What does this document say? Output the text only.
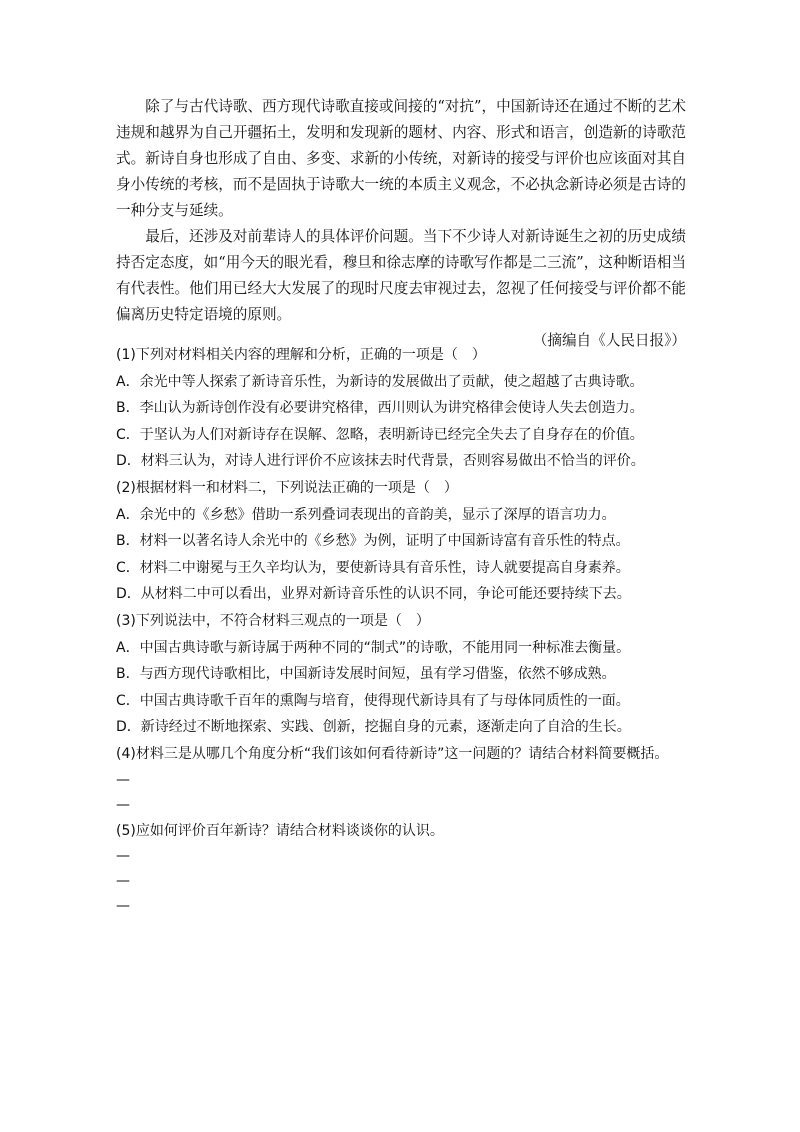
除了与古代诗歌、西方现代诗歌直接或间接的“对抗”，中国新诗还在通过不断的艺术违规和越界为自己开疆拓土，发明和发现新的题材、内容、形式和语言，创造新的诗歌范式。新诗自身也形成了自由、多变、求新的小传统，对新诗的接受与评价也应该面对其自身小传统的考核，而不是固执于诗歌大一统的本质主义观念，不必执念新诗必须是古诗的一种分支与延续。

最后，还涉及对前辈诗人的具体评价问题。当下不少诗人对新诗诞生之初的历史成绩持否定态度，如“用今天的眼光看，穆旦和徐志摩的诗歌写作都是二三流”，这种断语相当有代表性。他们用已经大大发展了的现时尺度去审视过去，忽视了任何接受与评价都不能偏离历史特定语境的原则。

（摘编自《人民日报》）

(1)下列对材料相关内容的理解和分析，正确的一项是（　）
A．余光中等人探索了新诗音乐性，为新诗的发展做出了贡献，使之超越了古典诗歌。
B．李山认为新诗创作没有必要讲究格律，西川则认为讲究格律会使诗人失去创造力。
C．于坚认为人们对新诗存在误解、忽略，表明新诗已经完全失去了自身存在的价值。
D．材料三认为，对诗人进行评价不应该抹去时代背景，否则容易做出不恰当的评价。
(2)根据材料一和材料二，下列说法正确的一项是（　）
A．余光中的《乡愁》借助一系列叠词表现出的音韵美，显示了深厚的语言功力。
B．材料一以著名诗人余光中的《乡愁》为例，证明了中国新诗富有音乐性的特点。
C．材料二中谢冕与王久辛均认为，要使新诗具有音乐性，诗人就要提高自身素养。
D．从材料二中可以看出，业界对新诗音乐性的认识不同，争论可能还要持续下去。
(3)下列说法中，不符合材料三观点的一项是（　）
A．中国古典诗歌与新诗属于两种不同的“制式”的诗歌，不能用同一种标准去衡量。
B．与西方现代诗歌相比，中国新诗发展时间短，虽有学习借鉴，依然不够成熟。
C．中国古典诗歌千百年的熏陶与培育，使得现代新诗具有了与母体同质性的一面。
D．新诗经过不断地探索、实践、创新，挖掘自身的元素，逐渐走向了自洽的生长。
(4)材料三是从哪几个角度分析“我们该如何看待新诗”这一问题的？请结合材料简要概括。
—
—
(5)应如何评价百年新诗？请结合材料谈谈你的认识。
—
—
—
